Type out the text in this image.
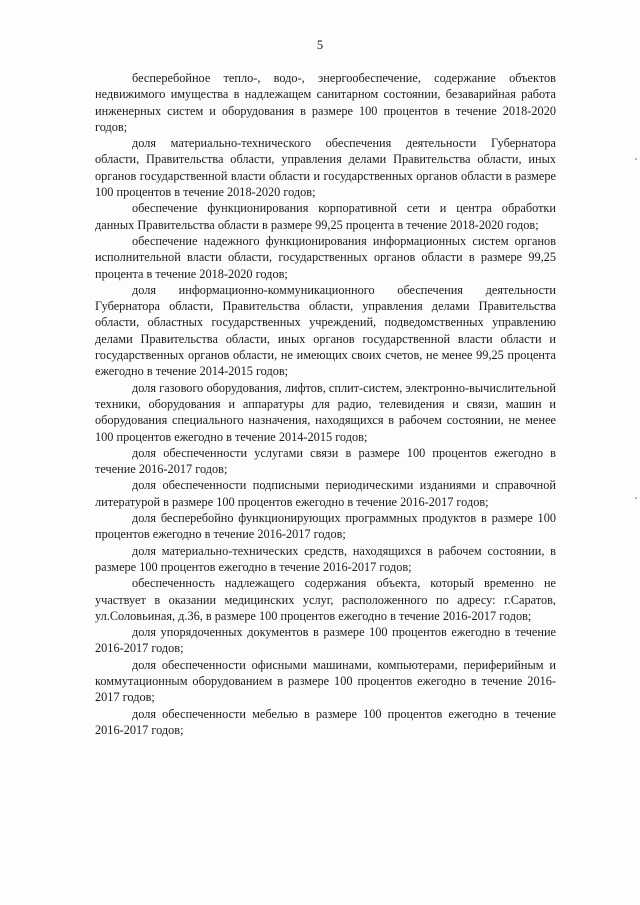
5

бесперебойное тепло-, водо-, энергообеспечение, содержание объектов недвижимого имущества в надлежащем санитарном состоянии, безаварийная работа инженерных систем и оборудования в размере 100 процентов в течение 2018-2020 годов;

доля материально-технического обеспечения деятельности Губернатора области, Правительства области, управления делами Правительства области, иных органов государственной власти области и государственных органов области в размере 100 процентов в течение 2018-2020 годов;

обеспечение функционирования корпоративной сети и центра обработки данных Правительства области в размере 99,25 процента в течение 2018-2020 годов;

обеспечение надежного функционирования информационных систем органов исполнительной власти области, государственных органов области в размере 99,25 процента в течение 2018-2020 годов;

доля информационно-коммуникационного обеспечения деятельности Губернатора области, Правительства области, управления делами Правительства области, областных государственных учреждений, подведомственных управлению делами Правительства области, иных органов государственной власти области и государственных органов области, не имеющих своих счетов, не менее 99,25 процента ежегодно в течение 2014-2015 годов;

доля газового оборудования, лифтов, сплит-систем, электронно-вычислительной техники, оборудования и аппаратуры для радио, телевидения и связи, машин и оборудования специального назначения, находящихся в рабочем состоянии, не менее 100 процентов ежегодно в течение 2014-2015 годов;

доля обеспеченности услугами связи в размере 100 процентов ежегодно в течение 2016-2017 годов;

доля обеспеченности подписными периодическими изданиями и справочной литературой в размере 100 процентов ежегодно в течение 2016-2017 годов;

доля бесперебойно функционирующих программных продуктов в размере 100 процентов ежегодно в течение 2016-2017 годов;

доля материально-технических средств, находящихся в рабочем состоянии, в размере 100 процентов ежегодно в течение 2016-2017 годов;

обеспеченность надлежащего содержания объекта, который временно не участвует в оказании медицинских услуг, расположенного по адресу: г.Саратов, ул.Соловьиная, д.36, в размере 100 процентов ежегодно в течение 2016-2017 годов;

доля упорядоченных документов в размере 100 процентов ежегодно в течение 2016-2017 годов;

доля обеспеченности офисными машинами, компьютерами, периферийным и коммутационным оборудованием в размере 100 процентов ежегодно в течение 2016-2017 годов;

доля обеспеченности мебелью в размере 100 процентов ежегодно в течение 2016-2017 годов;
